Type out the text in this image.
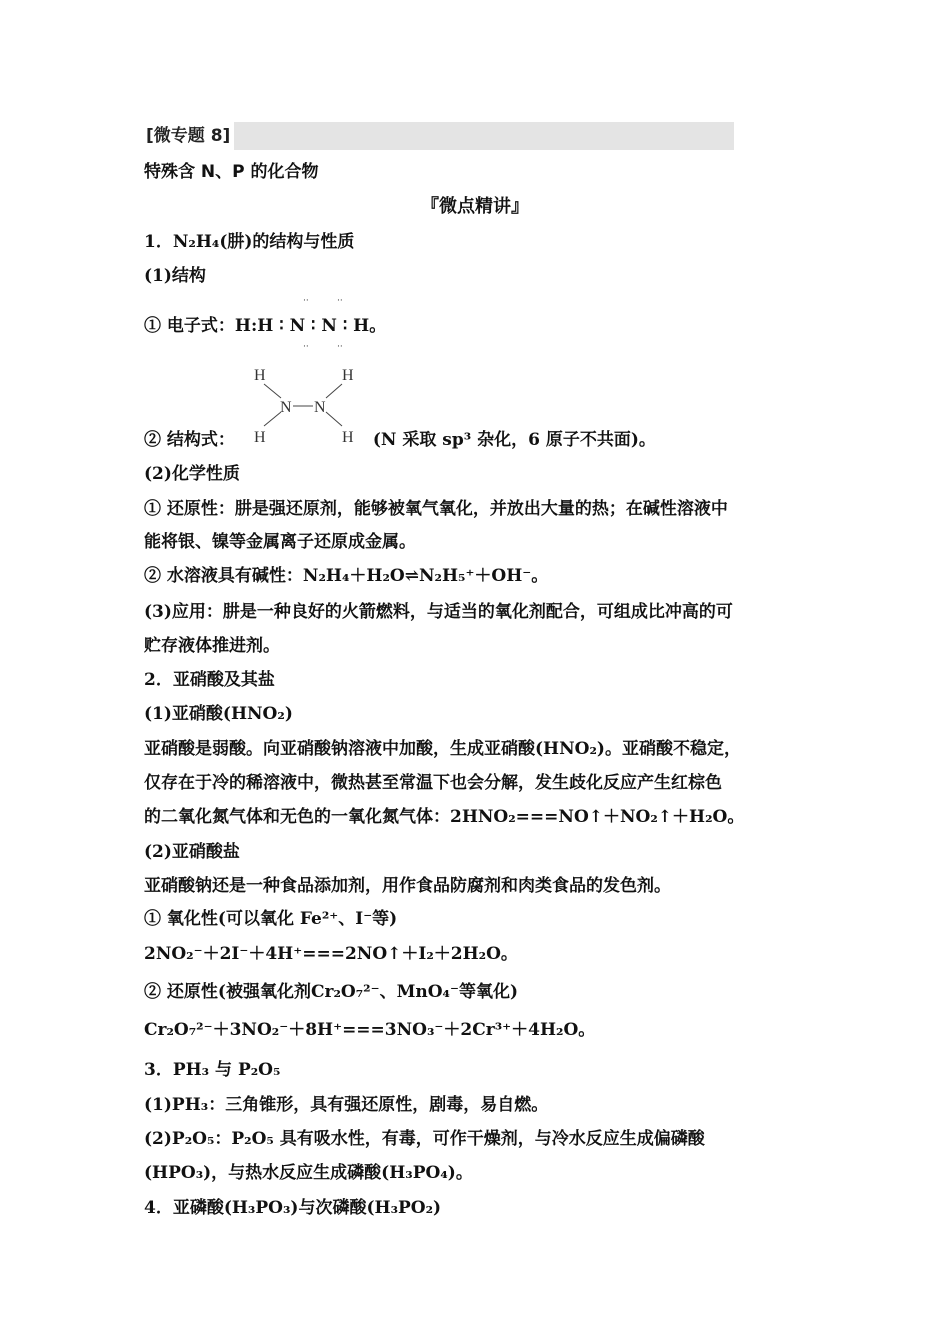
[微专题 8]
特殊含 N、P 的化合物
『微点精讲』
1．N₂H₄(肼)的结构与性质
(1)结构
① 电子式：H:H ∶ N ∶ N ∶ H。
··	··
··	··
H	H
N N
H	H
② 结构式：	(N 采取 sp³ 杂化，6 原子不共面)。
(2)化学性质
① 还原性：肼是强还原剂，能够被氧气氧化，并放出大量的热；在碱性溶液中
能将银、镍等金属离子还原成金属。
② 水溶液具有碱性：N₂H₄＋H₂O⇌N₂H₅⁺＋OH⁻。
(3)应用：肼是一种良好的火箭燃料，与适当的氧化剂配合，可组成比冲高的可
贮存液体推进剂。
2．亚硝酸及其盐
(1)亚硝酸(HNO₂)
亚硝酸是弱酸。向亚硝酸钠溶液中加酸，生成亚硝酸(HNO₂)。亚硝酸不稳定，
仅存在于冷的稀溶液中，微热甚至常温下也会分解，发生歧化反应产生红棕色
的二氧化氮气体和无色的一氧化氮气体：2HNO₂===NO↑＋NO₂↑＋H₂O。
(2)亚硝酸盐
亚硝酸钠还是一种食品添加剂，用作食品防腐剂和肉类食品的发色剂。
① 氧化性(可以氧化 Fe²⁺、I⁻等)
2NO₂⁻＋2I⁻＋4H⁺===2NO↑＋I₂＋2H₂O。
② 还原性(被强氧化剂Cr₂O₇²⁻、MnO₄⁻等氧化)
Cr₂O₇²⁻＋3NO₂⁻＋8H⁺===3NO₃⁻＋2Cr³⁺＋4H₂O。
3．PH₃ 与 P₂O₅
(1)PH₃：三角锥形，具有强还原性，剧毒，易自燃。
(2)P₂O₅：P₂O₅ 具有吸水性，有毒，可作干燥剂，与冷水反应生成偏磷酸
(HPO₃)，与热水反应生成磷酸(H₃PO₄)。
4．亚磷酸(H₃PO₃)与次磷酸(H₃PO₂)
